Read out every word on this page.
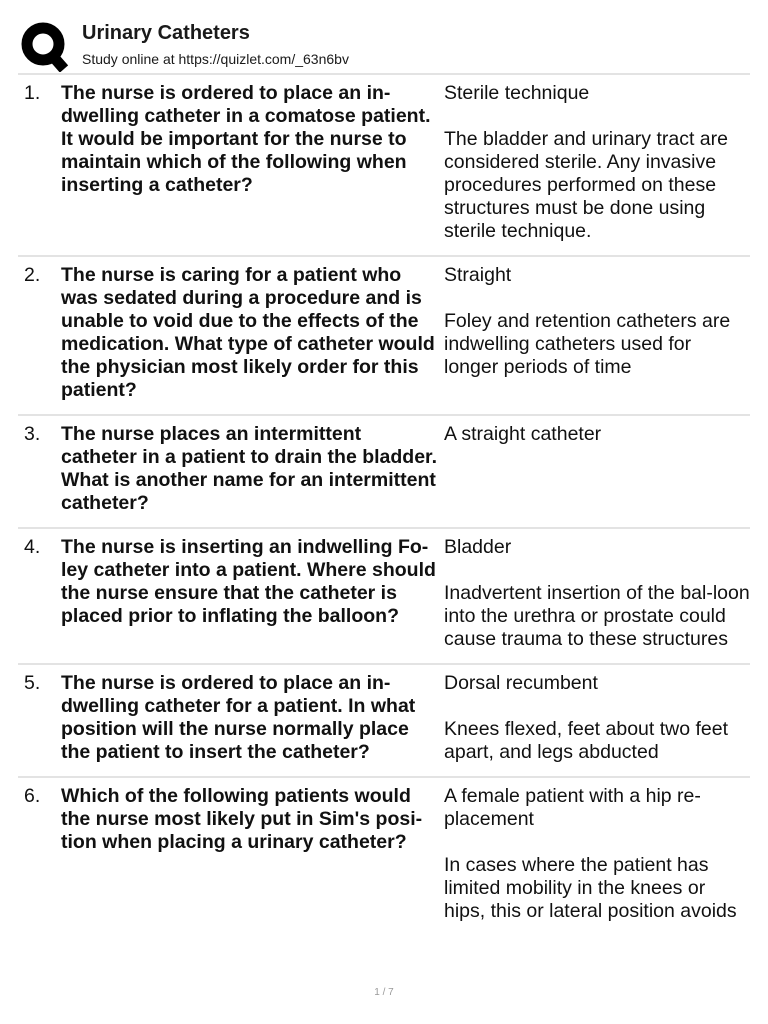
Urinary Catheters
Study online at https://quizlet.com/_63n6bv
1.	The nurse is ordered to place an in-dwelling catheter in a comatose patient. It would be important for the nurse to maintain which of the following when inserting a catheter?
Sterile technique
The bladder and urinary tract are considered sterile. Any invasive procedures performed on these structures must be done using sterile technique.
2.	The nurse is caring for a patient who was sedated during a procedure and is unable to void due to the effects of the medication. What type of catheter would the physician most likely order for this patient?
Straight
Foley and retention catheters are indwelling catheters used for longer periods of time
3.	The nurse places an intermittent catheter in a patient to drain the bladder. What is another name for an intermittent catheter?
A straight catheter
4.	The nurse is inserting an indwelling Fo-ley catheter into a patient. Where should the nurse ensure that the catheter is placed prior to inflating the balloon?
Bladder
Inadvertent insertion of the bal-loon into the urethra or prostate could cause trauma to these structures
5.	The nurse is ordered to place an in-dwelling catheter for a patient. In what position will the nurse normally place the patient to insert the catheter?
Dorsal recumbent
Knees flexed, feet about two feet apart, and legs abducted
6.	Which of the following patients would the nurse most likely put in Sim's posi-tion when placing a urinary catheter?
A female patient with a hip re-placement
In cases where the patient has limited mobility in the knees or hips, this or lateral position avoids
1 / 7
